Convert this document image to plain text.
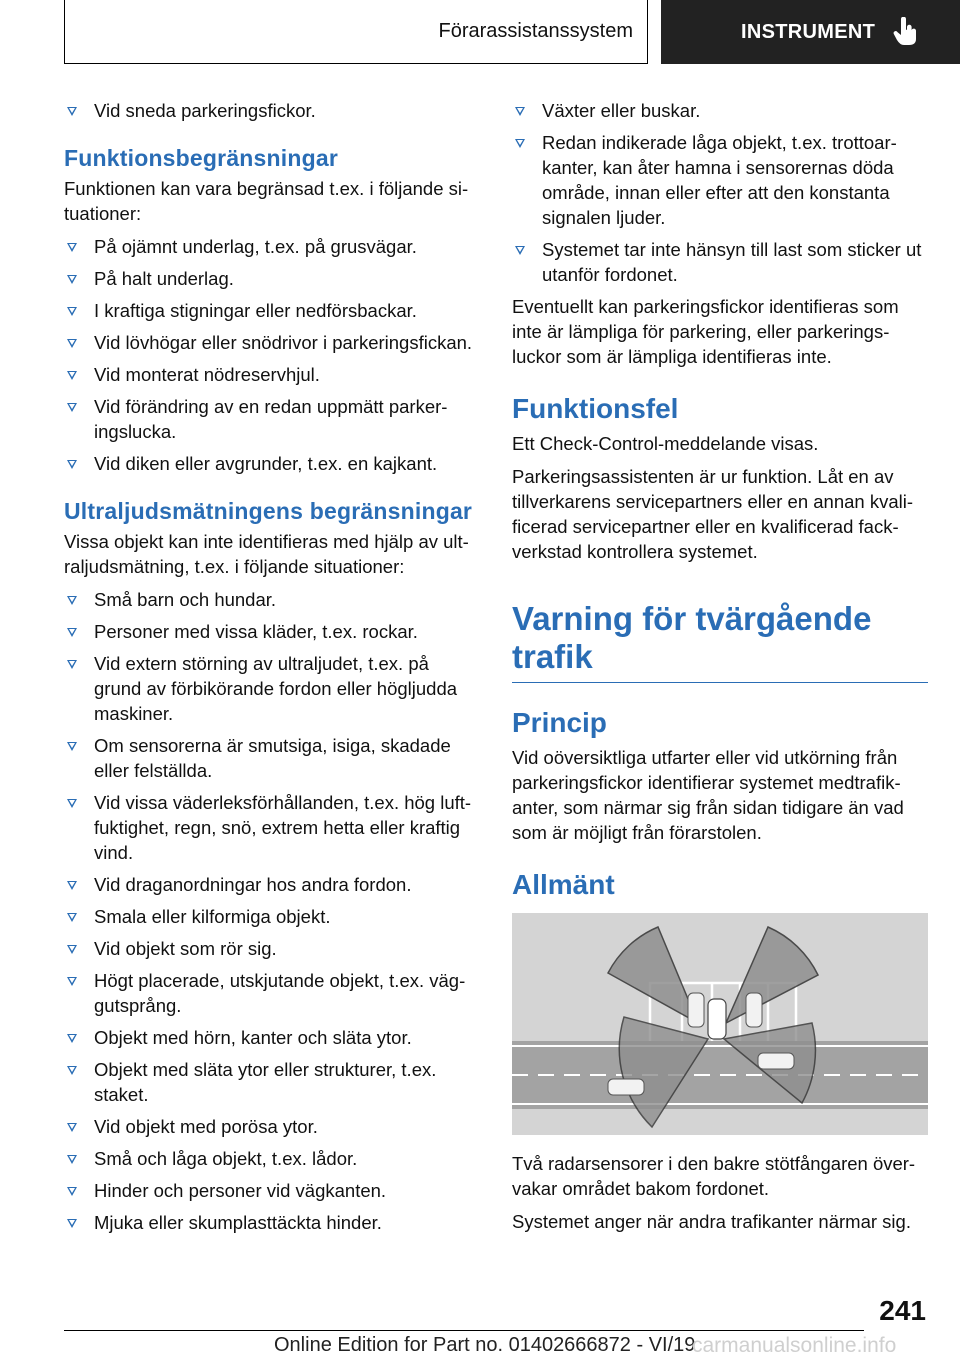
Förarassistanssystem	INSTRUMENT
Vid sneda parkeringsfickor.
Funktionsbegränsningar
Funktionen kan vara begränsad t.ex. i följande si-tuationer:
På ojämnt underlag, t.ex. på grusvägar.
På halt underlag.
I kraftiga stigningar eller nedförsbackar.
Vid lövhögar eller snödrivor i parkeringsfickan.
Vid monterat nödreservhjul.
Vid förändring av en redan uppmätt parker-ingslucka.
Vid diken eller avgrunder, t.ex. en kajkant.
Ultraljudsmätningens begränsningar
Vissa objekt kan inte identifieras med hjälp av ult-raljudsmätning, t.ex. i följande situationer:
Små barn och hundar.
Personer med vissa kläder, t.ex. rockar.
Vid extern störning av ultraljudet, t.ex. på grund av förbikörande fordon eller högljudda maskiner.
Om sensorerna är smutsiga, isiga, skadade eller felställda.
Vid vissa väderleksförhållanden, t.ex. hög luft-fuktighet, regn, snö, extrem hetta eller kraftig vind.
Vid draganordningar hos andra fordon.
Smala eller kilformiga objekt.
Vid objekt som rör sig.
Högt placerade, utskjutande objekt, t.ex. väg-gutsprång.
Objekt med hörn, kanter och släta ytor.
Objekt med släta ytor eller strukturer, t.ex. staket.
Vid objekt med porösa ytor.
Små och låga objekt, t.ex. lådor.
Hinder och personer vid vägkanten.
Mjuka eller skumplasttäckta hinder.
Växter eller buskar.
Redan indikerade låga objekt, t.ex. trottoar-kanter, kan åter hamna i sensorernas döda område, innan eller efter att den konstanta signalen ljuder.
Systemet tar inte hänsyn till last som sticker ut utanför fordonet.
Eventuellt kan parkeringsfickor identifieras som inte är lämpliga för parkering, eller parkerings-luckor som är lämpliga identifieras inte.
Funktionsfel
Ett Check-Control-meddelande visas.
Parkeringsassistenten är ur funktion. Låt en av tillverkarens servicepartners eller en annan kvali-ficerad servicepartner eller en kvalificerad fack-verkstad kontrollera systemet.
Varning för tvärgående trafik
Princip
Vid oöversiktliga utfarter eller vid utkörning från parkeringsfickor identifierar systemet medtrafik-anter, som närmar sig från sidan tidigare än vad som är möjligt från förarstolen.
Allmänt
Två radarsensorer i den bakre stötfångaren över-vakar området bakom fordonet.
Systemet anger när andra trafikanter närmar sig.
241
Online Edition for Part no. 01402666872 - VI/19
carmanualsonline.info
